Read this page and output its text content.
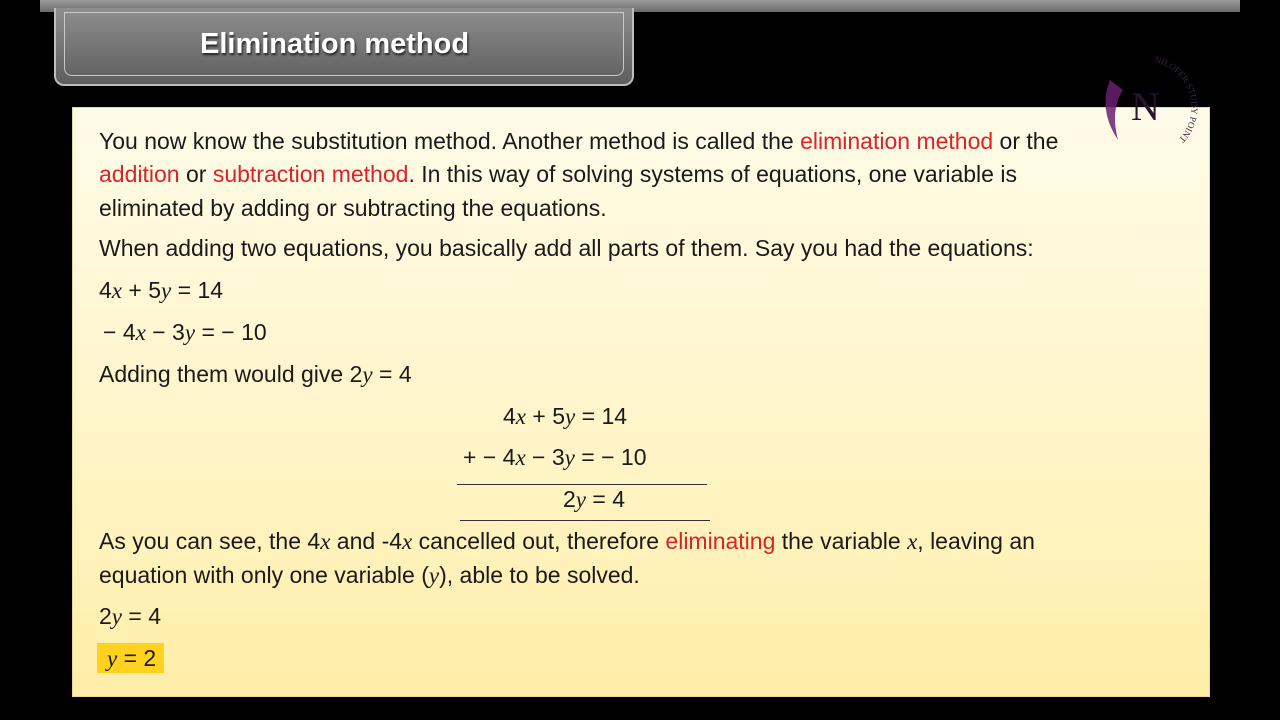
Elimination method
You now know the substitution method. Another method is called the elimination method or the
addition or subtraction method. In this way of solving systems of equations, one variable is
eliminated by adding or subtracting the equations.
When adding two equations, you basically add all parts of them. Say you had the equations:
4x + 5y = 14
− 4x − 3y = − 10
Adding them would give 2y = 4
4x + 5y = 14
+ − 4x − 3y = − 10
2y = 4
As you can see, the 4x and -4x cancelled out, therefore eliminating the variable x, leaving an
equation with only one variable (y), able to be solved.
2y = 4
y = 2
N
NILOFER STUDY POINT
